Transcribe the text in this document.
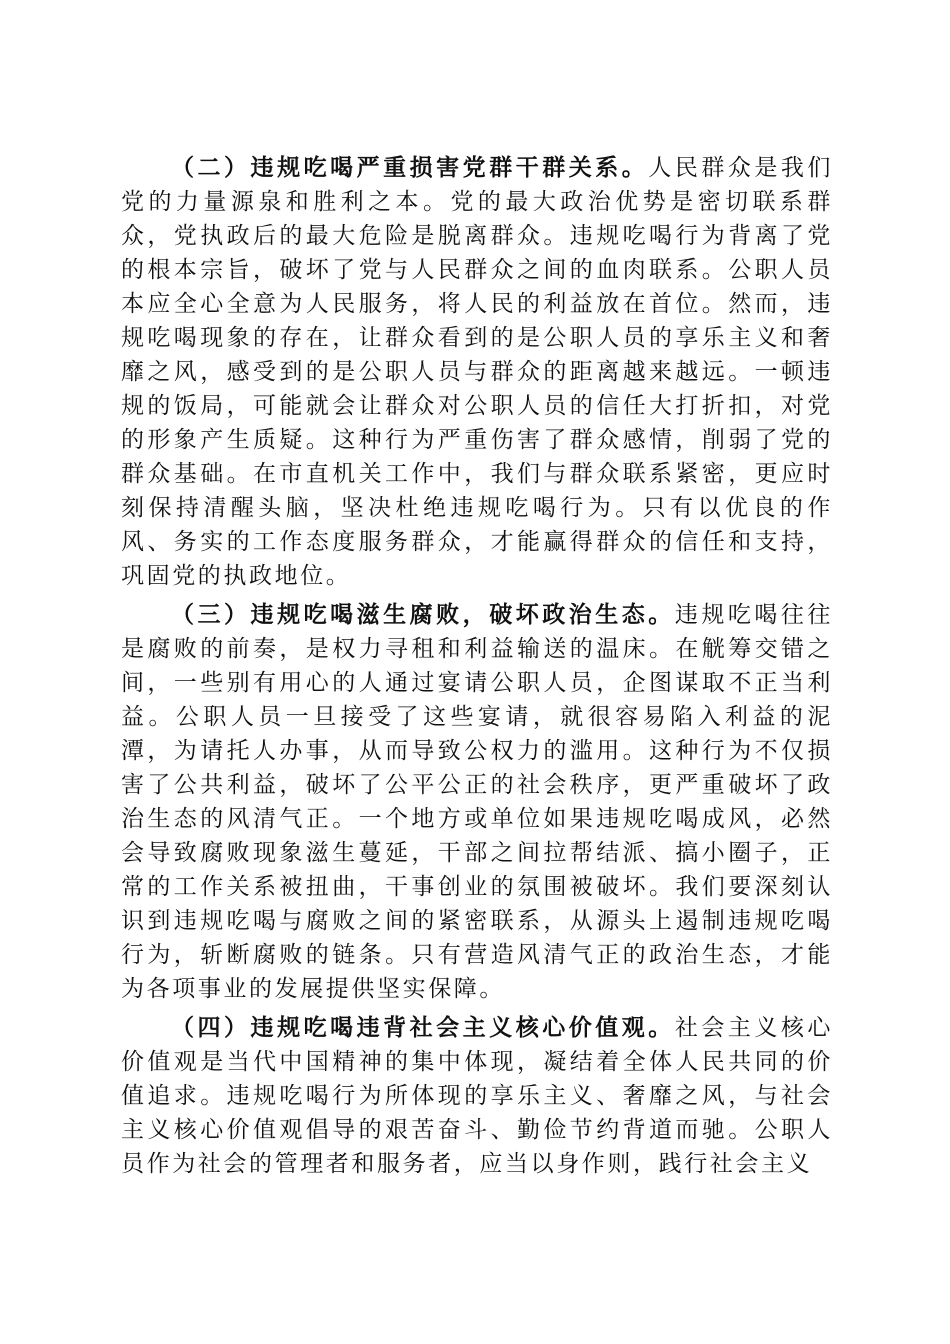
（二）违规吃喝严重损害党群干群关系。人民群众是我们党的力量源泉和胜利之本。党的最大政治优势是密切联系群众，党执政后的最大危险是脱离群众。违规吃喝行为背离了党的根本宗旨，破坏了党与人民群众之间的血肉联系。公职人员本应全心全意为人民服务，将人民的利益放在首位。然而，违规吃喝现象的存在，让群众看到的是公职人员的享乐主义和奢靡之风，感受到的是公职人员与群众的距离越来越远。一顿违规的饭局，可能就会让群众对公职人员的信任大打折扣，对党的形象产生质疑。这种行为严重伤害了群众感情，削弱了党的群众基础。在市直机关工作中，我们与群众联系紧密，更应时刻保持清醒头脑，坚决杜绝违规吃喝行为。只有以优良的作风、务实的工作态度服务群众，才能赢得群众的信任和支持，巩固党的执政地位。

（三）违规吃喝滋生腐败，破坏政治生态。违规吃喝往往是腐败的前奏，是权力寻租和利益输送的温床。在觥筹交错之间，一些别有用心的人通过宴请公职人员，企图谋取不正当利益。公职人员一旦接受了这些宴请，就很容易陷入利益的泥潭，为请托人办事，从而导致公权力的滥用。这种行为不仅损害了公共利益，破坏了公平公正的社会秩序，更严重破坏了政治生态的风清气正。一个地方或单位如果违规吃喝成风，必然会导致腐败现象滋生蔓延，干部之间拉帮结派、搞小圈子，正常的工作关系被扭曲，干事创业的氛围被破坏。我们要深刻认识到违规吃喝与腐败之间的紧密联系，从源头上遏制违规吃喝行为，斩断腐败的链条。只有营造风清气正的政治生态，才能为各项事业的发展提供坚实保障。

（四）违规吃喝违背社会主义核心价值观。社会主义核心价值观是当代中国精神的集中体现，凝结着全体人民共同的价值追求。违规吃喝行为所体现的享乐主义、奢靡之风，与社会主义核心价值观倡导的艰苦奋斗、勤俭节约背道而驰。公职人员作为社会的管理者和服务者，应当以身作则，践行社会主义
